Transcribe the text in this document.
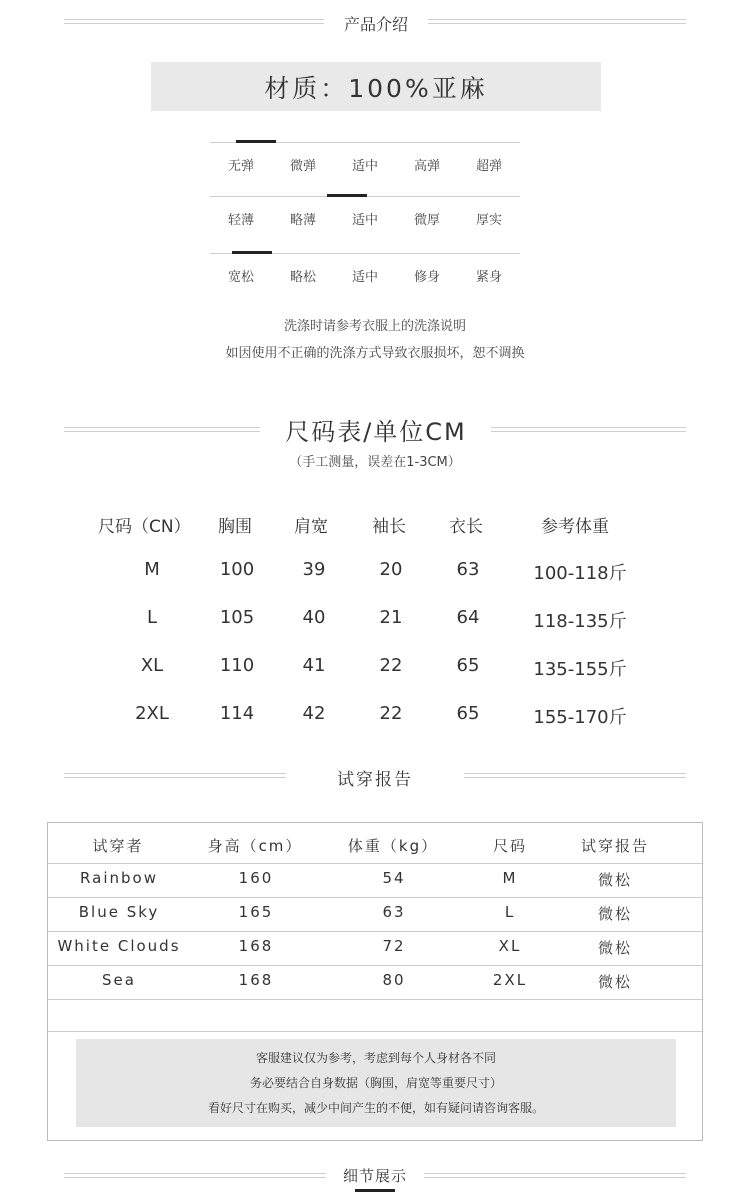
产品介绍
材质：100%亚麻
无弹	微弹	适中	高弹	超弹
轻薄	略薄	适中	微厚	厚实
宽松	略松	适中	修身	紧身
洗涤时请参考衣服上的洗涤说明
如因使用不正确的洗涤方式导致衣服损坏，恕不调换
尺码表/单位CM
（手工测量，误差在1-3CM）
尺码（CN） 胸围 肩宽	袖长	衣长	参考体重
M	100	39	20	63	100-118斤
L	105	40	21	64	118-135斤
XL	110	41	22	65	135-155斤
2XL	114	42	22	65	155-170斤
试穿报告
试穿者	身高（cm）	体重（kg）	尺码	试穿报告
Rainbow	160	54	M	微松
Blue Sky	165	63	L	微松
White Clouds	168	72	XL	微松
Sea	168	80	2XL	微松
客服建议仅为参考，考虑到每个人身材各不同
务必要结合自身数据（胸围，肩宽等重要尺寸）
看好尺寸在购买，减少中间产生的不便，如有疑问请咨询客服。
细节展示
